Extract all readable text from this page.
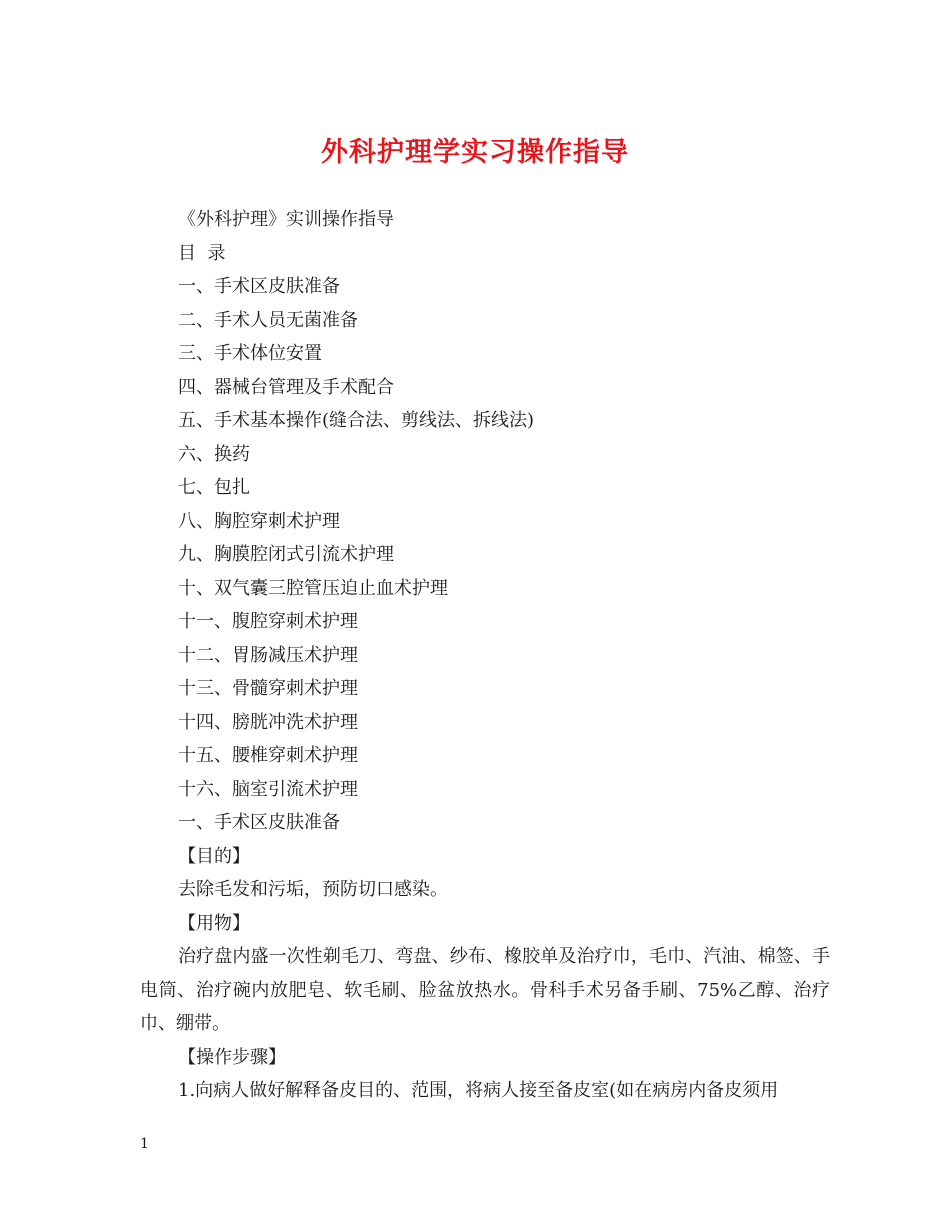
外科护理学实习操作指导
《外科护理》实训操作指导
目  录
一、手术区皮肤准备
二、手术人员无菌准备
三、手术体位安置
四、器械台管理及手术配合
五、手术基本操作(缝合法、剪线法、拆线法)
六、换药
七、包扎
八、胸腔穿刺术护理
九、胸膜腔闭式引流术护理
十、双气囊三腔管压迫止血术护理
十一、腹腔穿刺术护理
十二、胃肠减压术护理
十三、骨髓穿刺术护理
十四、膀胱冲洗术护理
十五、腰椎穿刺术护理
十六、脑室引流术护理
一、手术区皮肤准备
【目的】
去除毛发和污垢，预防切口感染。
【用物】
治疗盘内盛一次性剃毛刀、弯盘、纱布、橡胶单及治疗巾，毛巾、汽油、棉签、手电筒、治疗碗内放肥皂、软毛刷、脸盆放热水。骨科手术另备手刷、75%乙醇、治疗巾、绷带。
【操作步骤】
1.向病人做好解释备皮目的、范围，将病人接至备皮室(如在病房内备皮须用
1
